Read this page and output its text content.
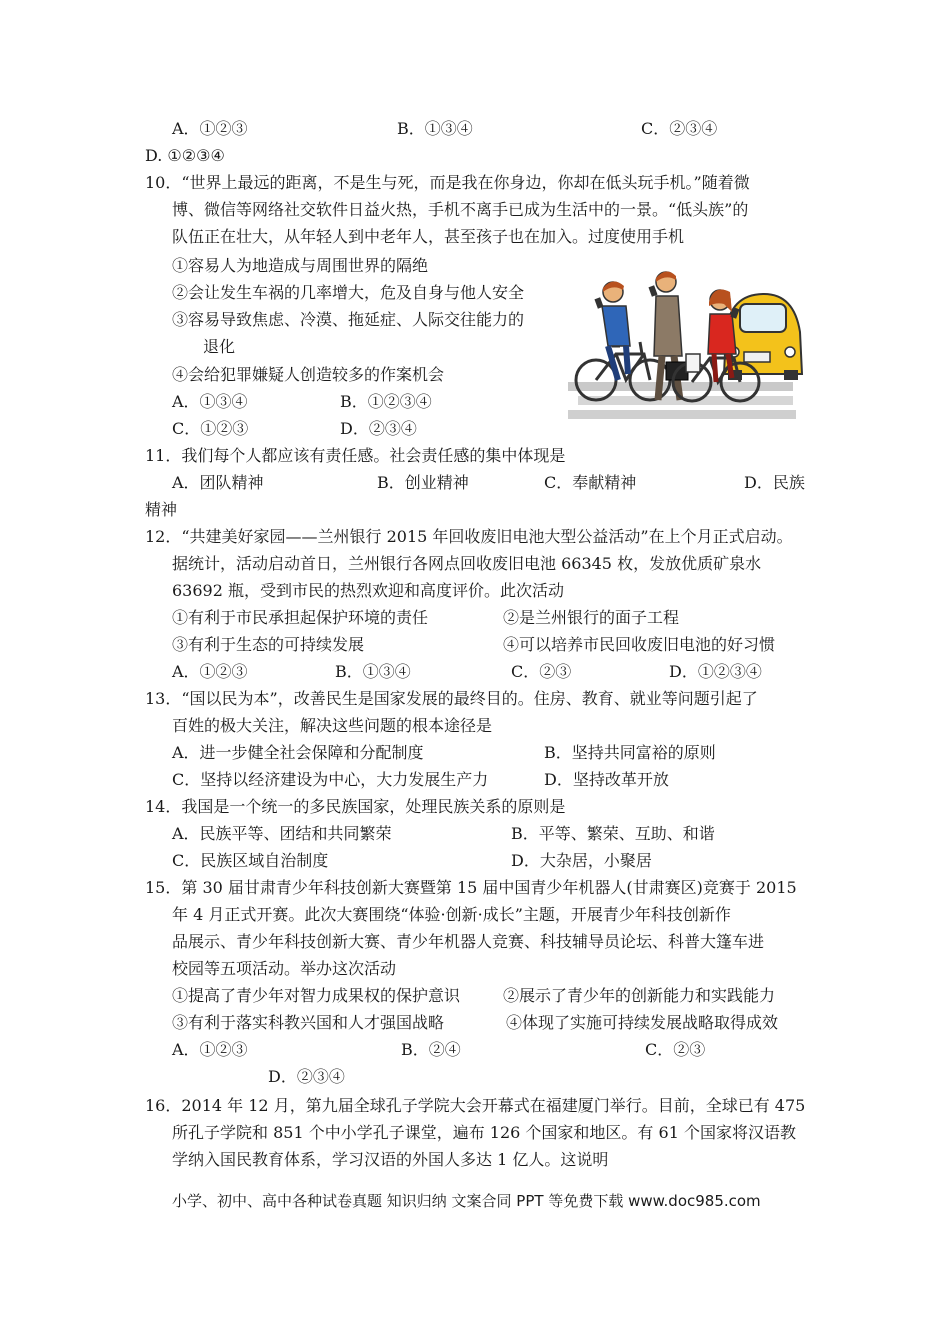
A．①②③	B．①③④	C．②③④
D. ①②③④
10．“世界上最远的距离，不是生与死，而是我在你身边，你却在低头玩手机。”随着微
博、微信等网络社交软件日益火热，手机不离手已成为生活中的一景。“低头族”的
队伍正在壮大，从年轻人到中老年人，甚至孩子也在加入。过度使用手机
①容易人为地造成与周围世界的隔绝
②会让发生车祸的几率增大，危及自身与他人安全
③容易导致焦虑、冷漠、拖延症、人际交往能力的
退化
④会给犯罪嫌疑人创造较多的作案机会
A．①③④	B．①②③④
C．①②③	D．②③④
11．我们每个人都应该有责任感。社会责任感的集中体现是
A．团队精神	B．创业精神	C．奉献精神	D．民族
精神
12．“共建美好家园——兰州银行 2015 年回收废旧电池大型公益活动”在上个月正式启动。
据统计，活动启动首日，兰州银行各网点回收废旧电池 66345 枚，发放优质矿泉水
63692 瓶，受到市民的热烈欢迎和高度评价。此次活动
①有利于市民承担起保护环境的责任	②是兰州银行的面子工程
③有利于生态的可持续发展	④可以培养市民回收废旧电池的好习惯
A．①②③	B．①③④	C．②③	D．①②③④
13．“国以民为本”，改善民生是国家发展的最终目的。住房、教育、就业等问题引起了
百姓的极大关注，解决这些问题的根本途径是
A．进一步健全社会保障和分配制度	B．坚持共同富裕的原则
C．坚持以经济建设为中心，大力发展生产力	D．坚持改革开放
14．我国是一个统一的多民族国家，处理民族关系的原则是
A．民族平等、团结和共同繁荣	B．平等、繁荣、互助、和谐
C．民族区域自治制度	D．大杂居，小聚居
15．第 30 届甘肃青少年科技创新大赛暨第 15 届中国青少年机器人(甘肃赛区)竞赛于 2015
年 4 月正式开赛。此次大赛围绕“体验·创新·成长”主题，开展青少年科技创新作
品展示、青少年科技创新大赛、青少年机器人竞赛、科技辅导员论坛、科普大篷车进
校园等五项活动。举办这次活动
①提高了青少年对智力成果权的保护意识	②展示了青少年的创新能力和实践能力
③有利于落实科教兴国和人才强国战略	④体现了实施可持续发展战略取得成效
A．①②③	B．②④	C．②③
D．②③④
16．2014 年 12 月，第九届全球孔子学院大会开幕式在福建厦门举行。目前，全球已有 475
所孔子学院和 851 个中小学孔子课堂，遍布 126 个国家和地区。有 61 个国家将汉语教
学纳入国民教育体系，学习汉语的外国人多达 1 亿人。这说明
小学、初中、高中各种试卷真题 知识归纳 文案合同 PPT 等免费下载 www.doc985.com
